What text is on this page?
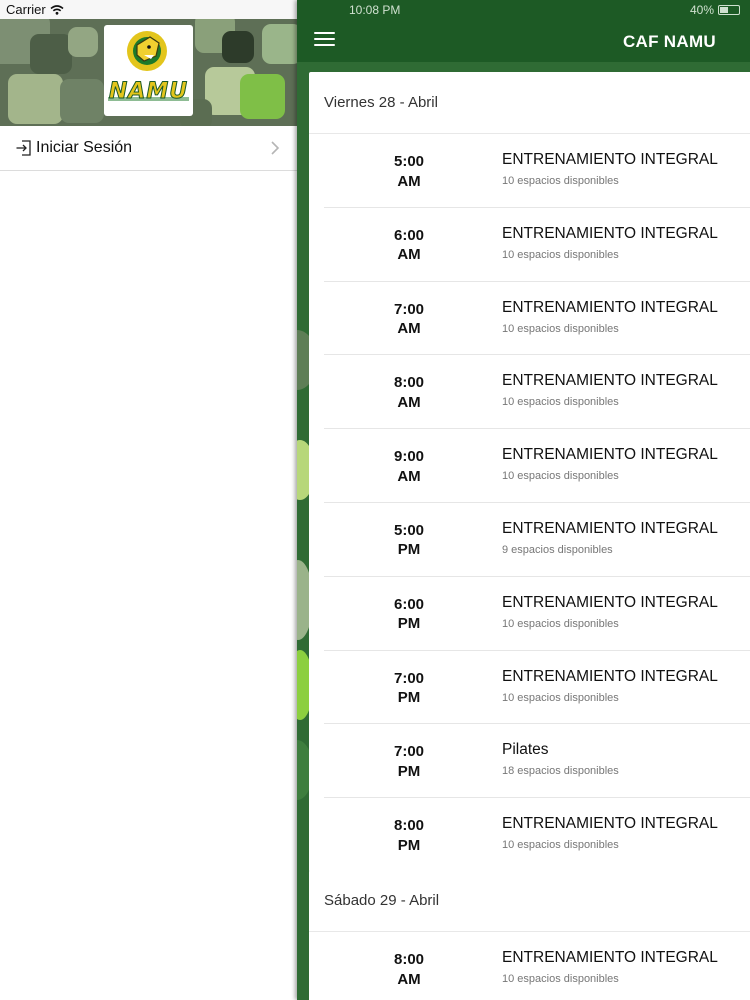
Carrier
NAMU
Iniciar Sesión
10:08 PM	40%
CAF NAMU
Viernes 28 - Abril
5:00
AM
ENTRENAMIENTO INTEGRAL
10 espacios disponibles
6:00
AM
ENTRENAMIENTO INTEGRAL
10 espacios disponibles
7:00
AM
ENTRENAMIENTO INTEGRAL
10 espacios disponibles
8:00
AM
ENTRENAMIENTO INTEGRAL
10 espacios disponibles
9:00
AM
ENTRENAMIENTO INTEGRAL
10 espacios disponibles
5:00
PM
ENTRENAMIENTO INTEGRAL
9 espacios disponibles
6:00
PM
ENTRENAMIENTO INTEGRAL
10 espacios disponibles
7:00
PM
ENTRENAMIENTO INTEGRAL
10 espacios disponibles
7:00
PM
Pilates
18 espacios disponibles
8:00
PM
ENTRENAMIENTO INTEGRAL
10 espacios disponibles
Sábado 29 - Abril
8:00
AM
ENTRENAMIENTO INTEGRAL
10 espacios disponibles
